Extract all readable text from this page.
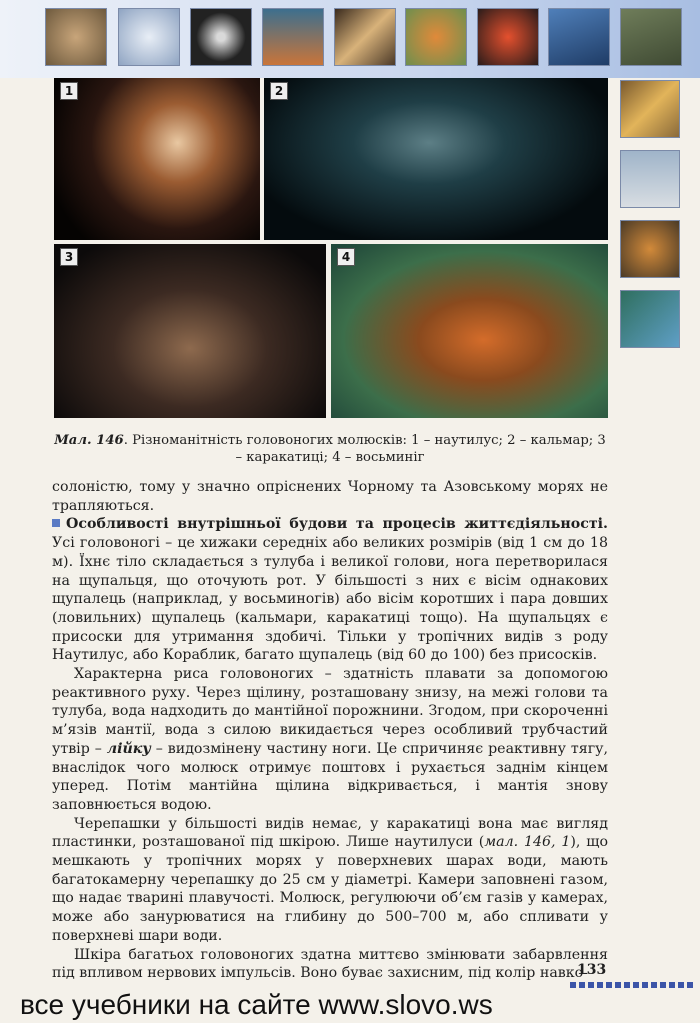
1	2
3	4
Мал. 146. Різноманітність головоногих молюсків: 1 – наутилус; 2 – кальмар; 3 – каракатиці; 4 – восьминіг

солоністю, тому у значно опріснених Чорному та Азовському морях не трапляються.

Особливості внутрішньої будови та процесів життєдіяльності. Усі головоногі – це хижаки середніх або великих розмірів (від 1 см до 18 м). Їхнє тіло складається з тулуба і великої голови, нога перетворилася на щупальця, що оточують рот. У більшості з них є вісім однакових щупалець (наприклад, у восьминогів) або вісім коротших і пара довших (ловильних) щупалець (кальмари, каракатиці тощо). На щупальцях є присоски для утримання здобичі. Тільки у тропічних видів з роду Наутилус, або Кораблик, багато щупалець (від 60 до 100) без присосків.

Характерна риса головоногих – здатність плавати за допомогою реактивного руху. Через щілину, розташовану знизу, на межі голови та тулуба, вода надходить до мантійної порожнини. Згодом, при скороченні м’язів мантії, вода з силою викидається через особливий трубчастий утвір – лійку – видозмінену частину ноги. Це спричиняє реактивну тягу, внаслідок чого молюск отримує поштовх і рухається заднім кінцем уперед. Потім мантійна щілина відкривається, і мантія знову заповнюється водою.

Черепашки у більшості видів немає, у каракатиці вона має вигляд пластинки, розташованої під шкірою. Лише наутилуси (мал. 146, 1), що мешкають у тропічних морях у поверхневих шарах води, мають багатокамерну черепашку до 25 см у діаметрі. Камери заповнені газом, що надає тварині плавучості. Молюск, регулюючи об’єм газів у камерах, може або занурюватися на глибину до 500–700 м, або спливати у поверхневі шари води.

Шкіра багатьох головоногих здатна миттєво змінювати забарвлення під впливом нервових імпульсів. Воно буває захисним, під колір навко-

133
все учебники на сайте www.slovo.ws
